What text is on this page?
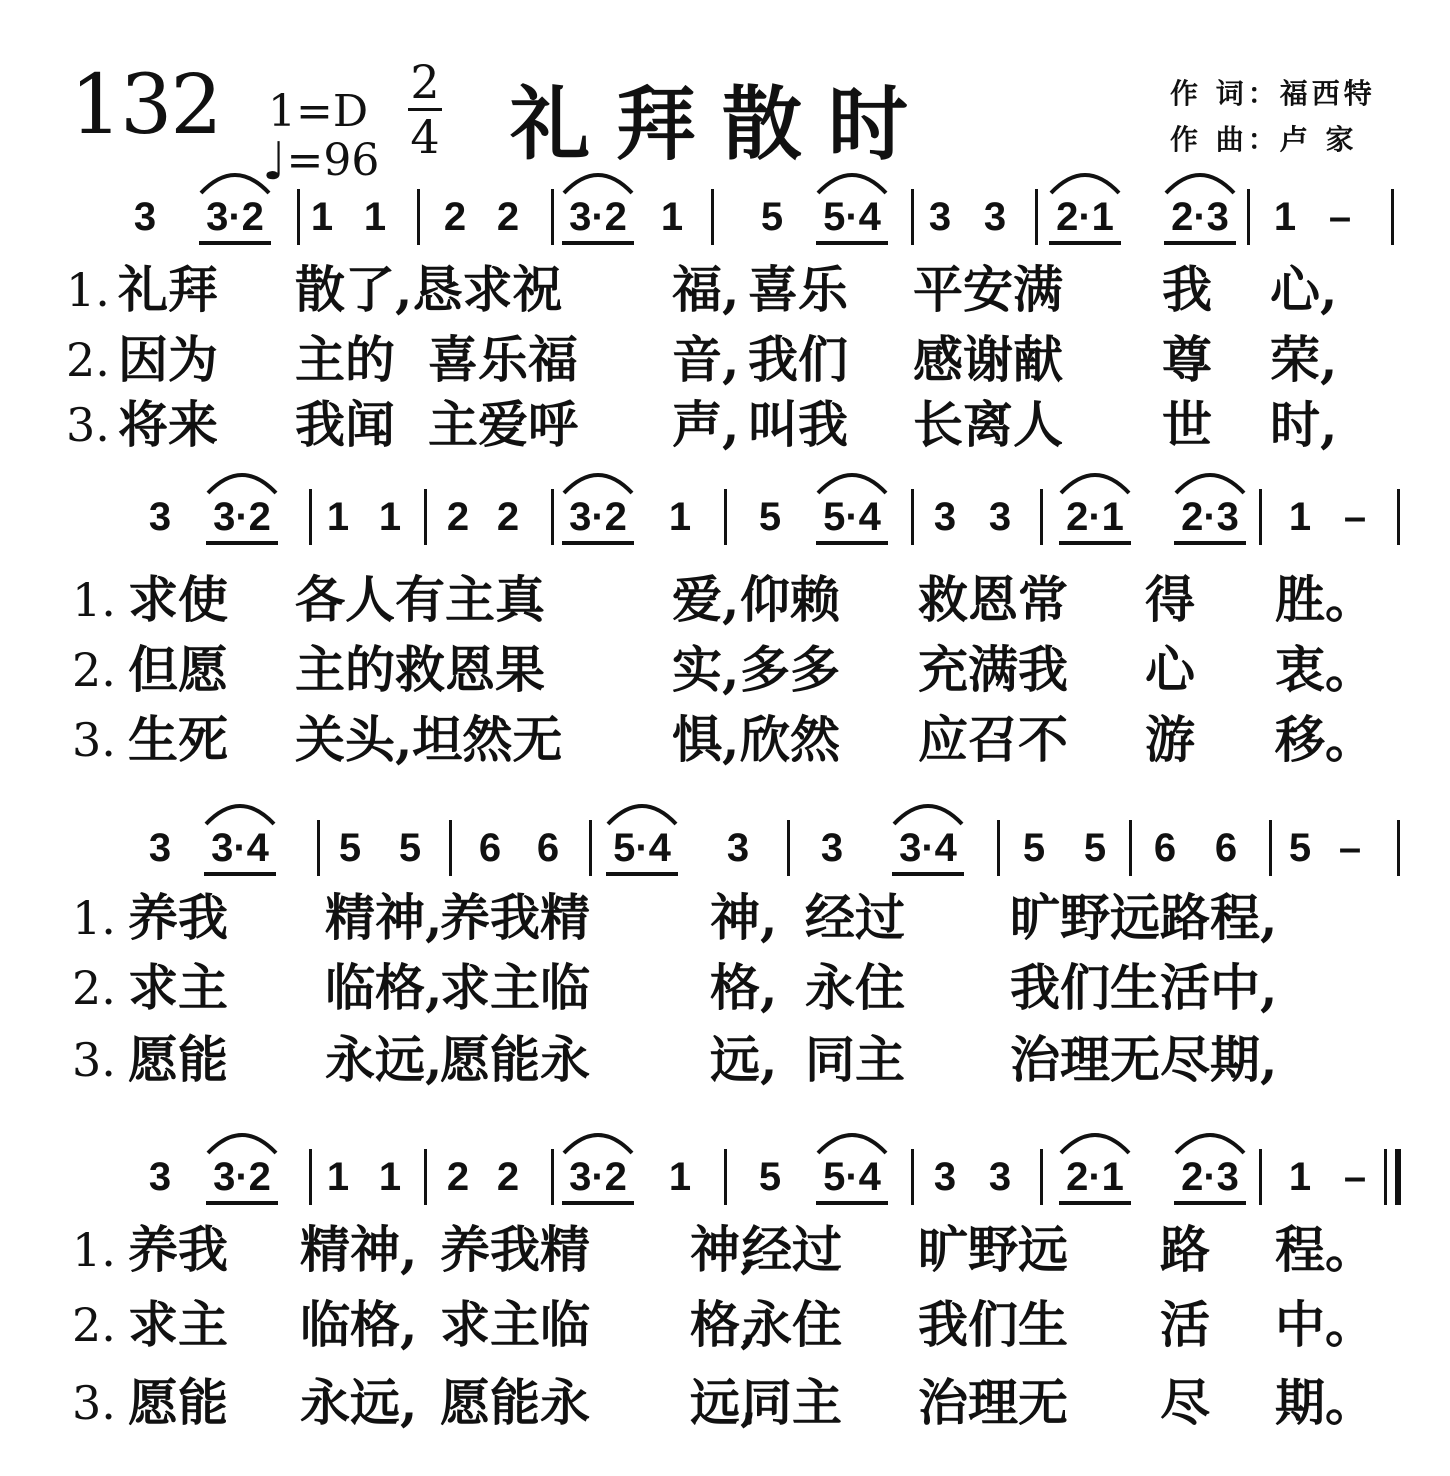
132 1=D
♩=96
2
4 礼拜散时	作 词：福西特
作 曲：卢 家
3 3·2 1 1 2 2 3·2 1 5 5·4 3 3 2·1 2·3 1 –
1. 礼拜 散了,恳求祝 福, 喜乐 平安满 我 心,
2. 因为 主的 喜乐福 音, 我们 感谢献 尊 荣,
3. 将来 我闻 主爱呼 声, 叫我 长离人 世 时,
3 3·2 1 1 2 2 3·2 1 5 5·4 3 3 2·1 2·3 1 –
1. 求使 各人有主真	爱, 仰赖 救恩常 得 胜。
2. 但愿 主的救恩果	实, 多多 充满我 心 衷。
3. 生死 关头,坦然无 惧, 欣然 应召不 游 移。
3 3·4 5 5 6 6 5·4 3 3 3·4 5 5 6 6 5 –
1. 养我 精神,
养我精 神, 经过 旷野远路程,
2. 求主 临格,
求主临 格, 永住 我们生活中,
3. 愿能 永远,
愿能永 远, 同主 治理无尽期,
3 3·2 1 1 2 2 3·2 1 5 5·4 3 3 2·1 2·3 1 –
1. 养我 精神, 养我精 神,
经过 旷野远 路 程。
2. 求主 临格, 求主临 格,
永住 我们生 活 中。
3. 愿能 永远, 愿能永 远,
同主 治理无 尽 期。
